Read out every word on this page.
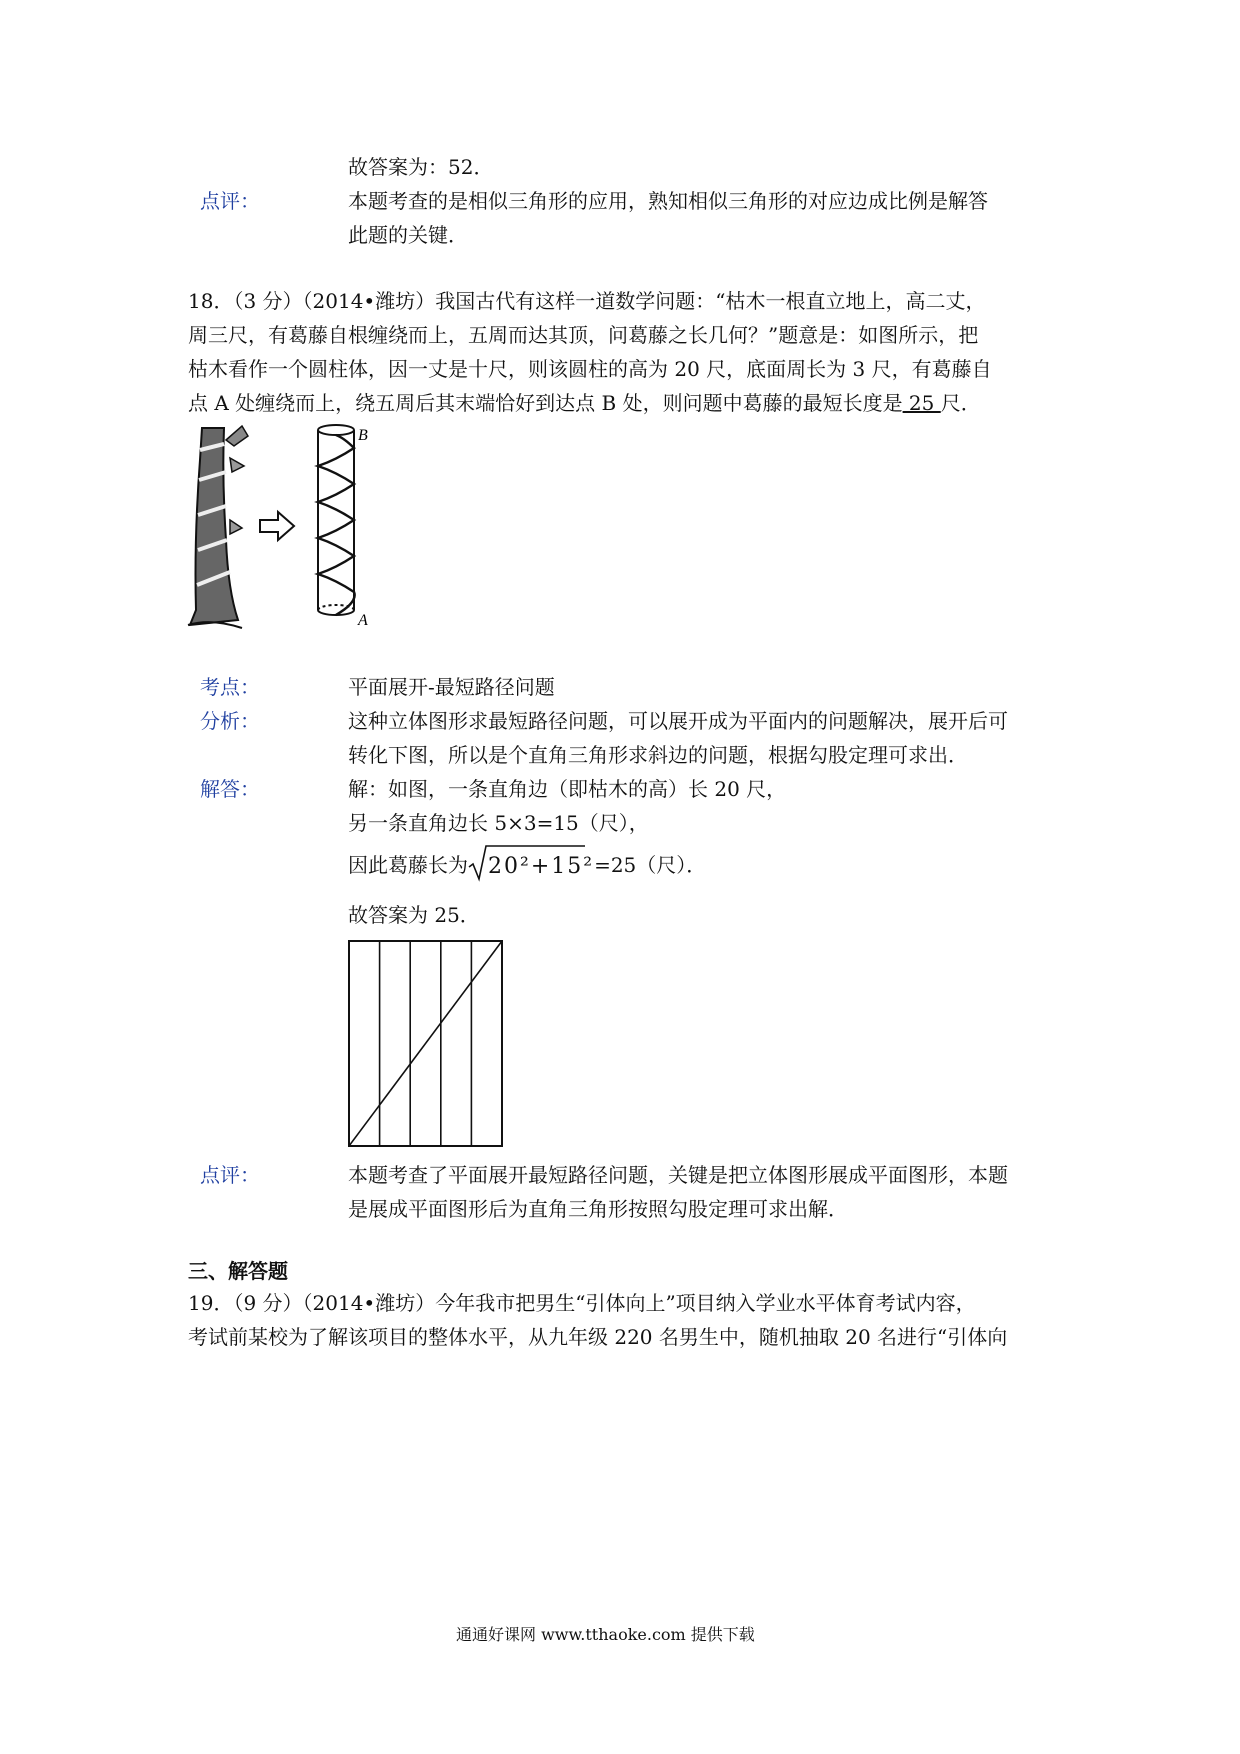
故答案为：52．
点评：	本题考查的是相似三角形的应用，熟知相似三角形的对应边成比例是解答
此题的关键．
18．（3 分）（2014•潍坊）我国古代有这样一道数学问题：“枯木一根直立地上，高二丈，
周三尺，有葛藤自根缠绕而上，五周而达其顶，问葛藤之长几何？”题意是：如图所示，把
枯木看作一个圆柱体，因一丈是十尺，则该圆柱的高为 20 尺，底面周长为 3 尺，有葛藤自
点 A 处缠绕而上，绕五周后其末端恰好到达点 B 处，则问题中葛藤的最短长度是 25 尺．
B
A
考点：	平面展开-最短路径问题
分析：	这种立体图形求最短路径问题，可以展开成为平面内的问题解决，展开后可
转化下图，所以是个直角三角形求斜边的问题，根据勾股定理可求出．
解答：	解：如图，一条直角边（即枯木的高）长 20 尺，
另一条直角边长 5×3=15（尺），
因此葛藤长为 20²+15²=25（尺）．
故答案为 25．
点评：	本题考查了平面展开最短路径问题，关键是把立体图形展成平面图形，本题
是展成平面图形后为直角三角形按照勾股定理可求出解．
三、解答题
19．（9 分）（2014•潍坊）今年我市把男生“引体向上”项目纳入学业水平体育考试内容，
考试前某校为了解该项目的整体水平，从九年级 220 名男生中，随机抽取 20 名进行“引体向
通通好课网 www.tthaoke.com 提供下载
